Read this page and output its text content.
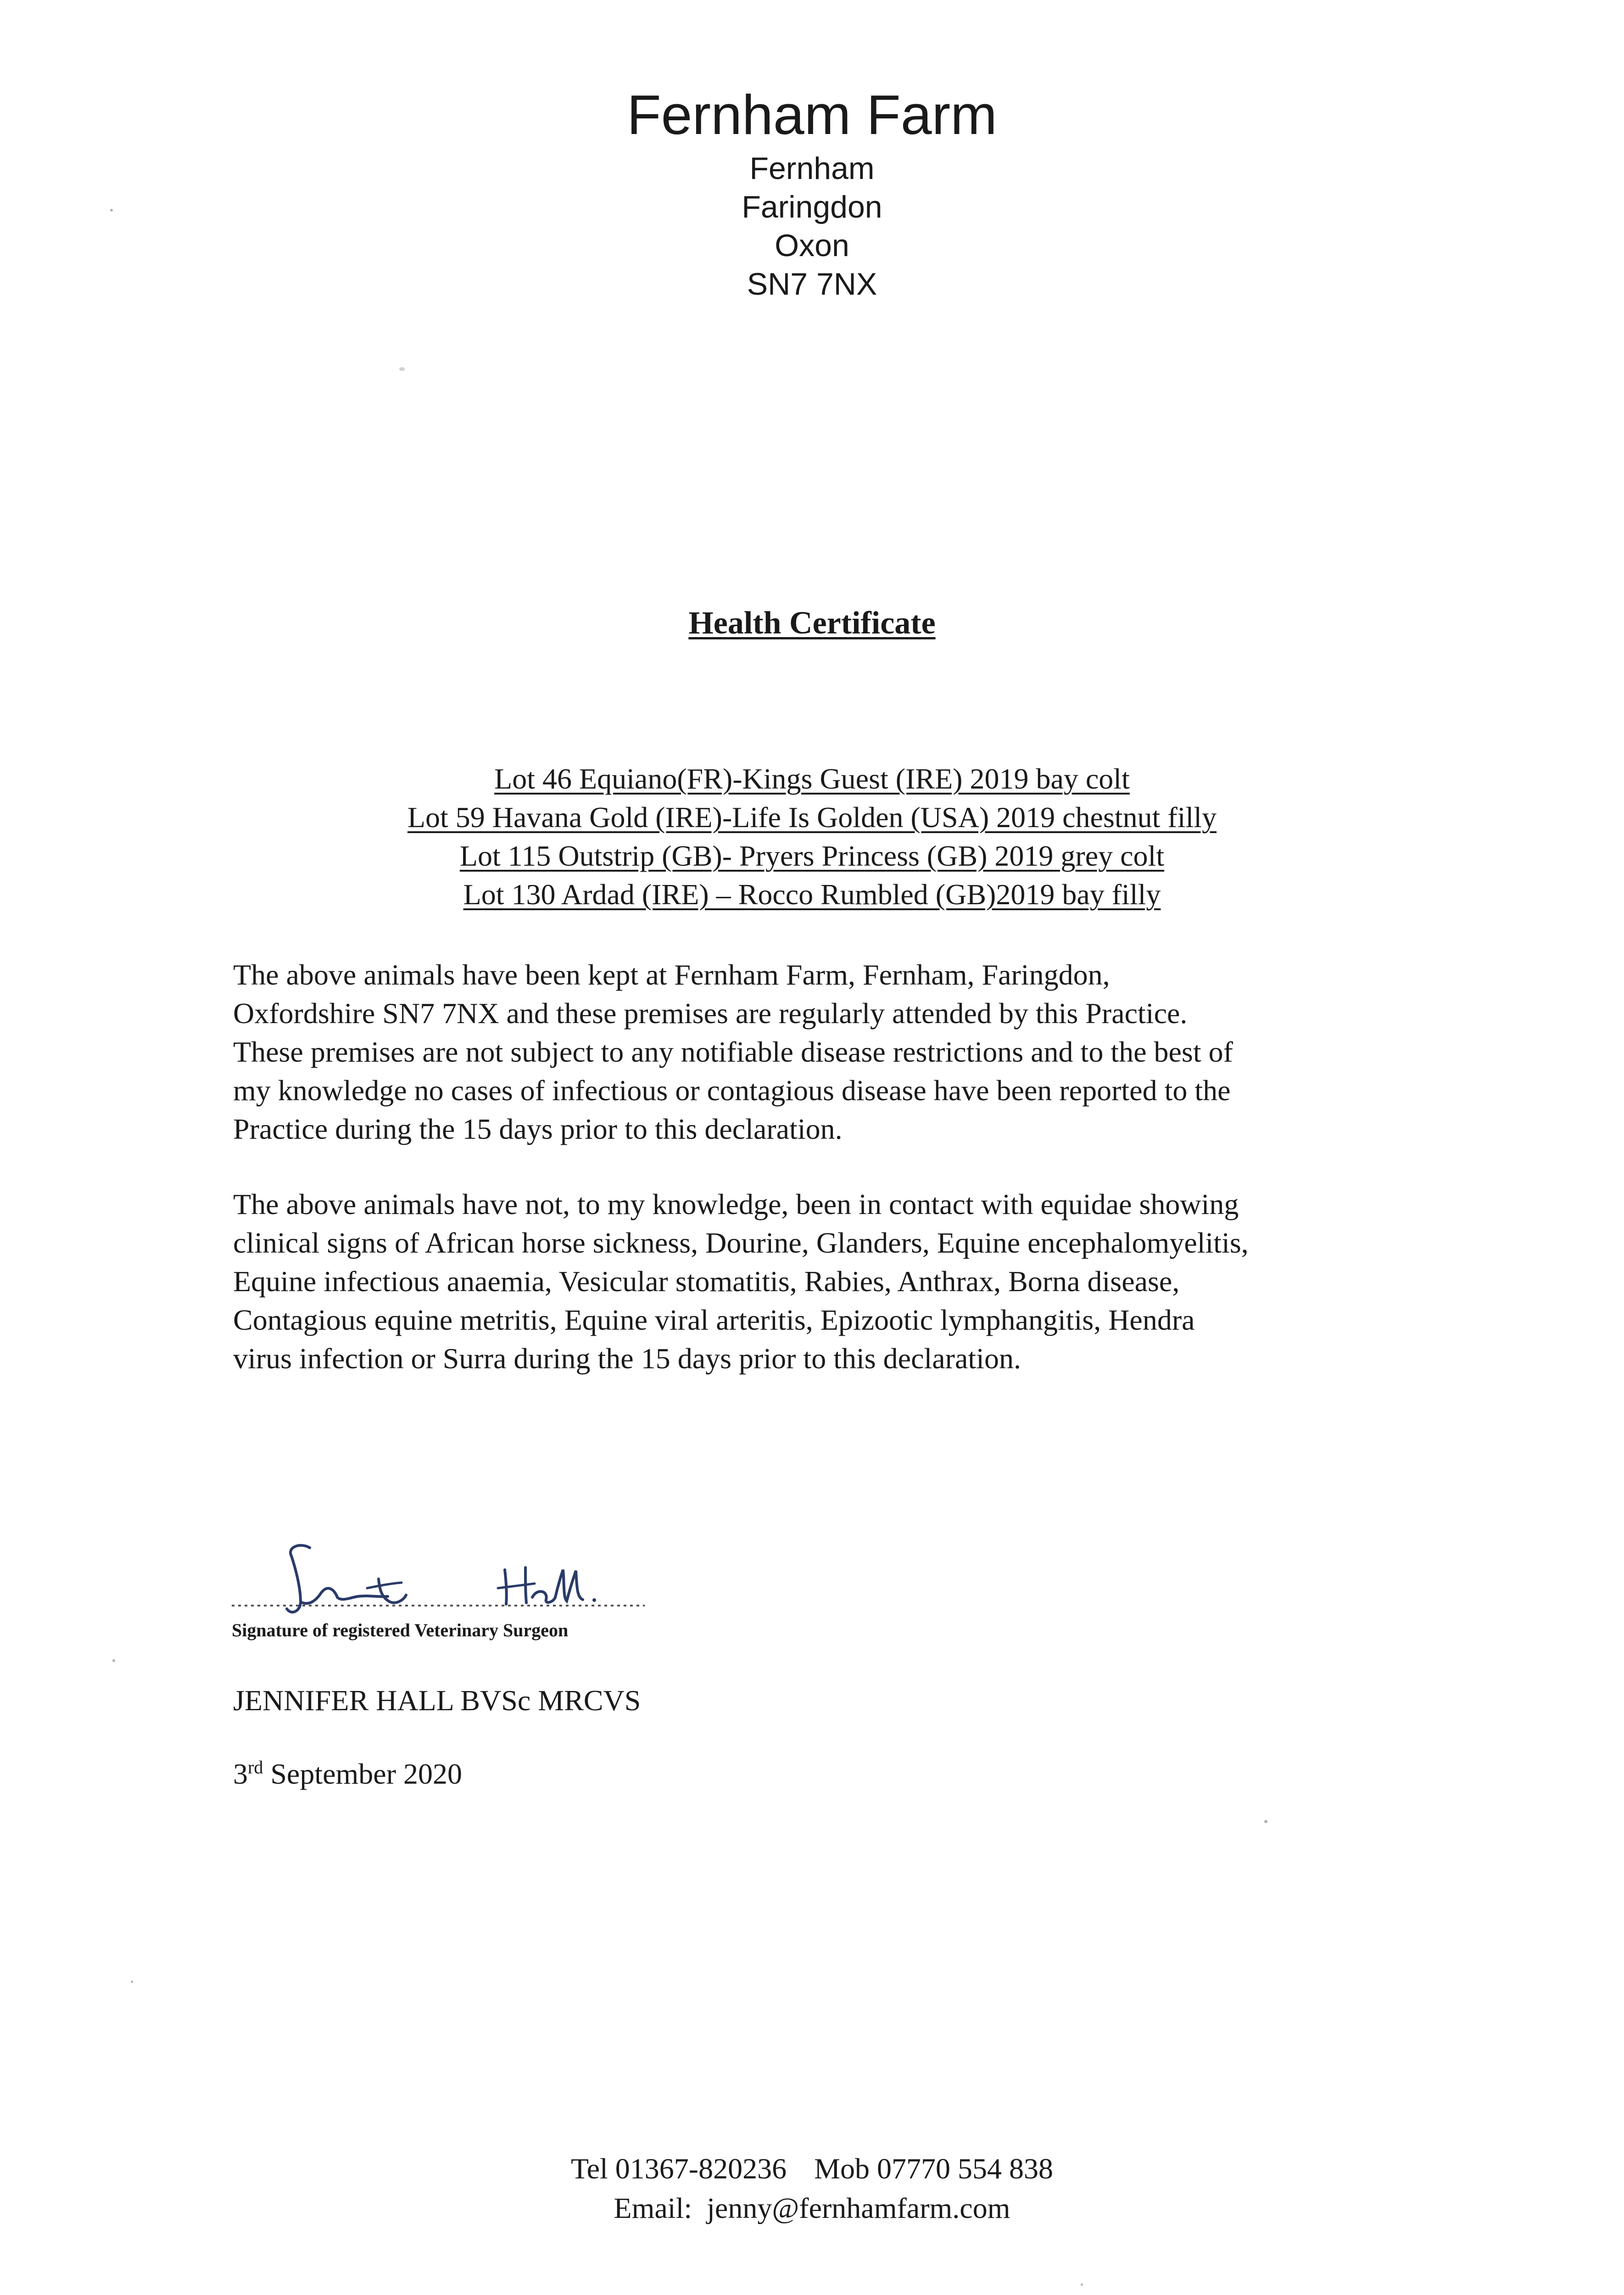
Fernham Farm
Fernham
Faringdon
Oxon
SN7 7NX
Health Certificate
Lot 46 Equiano(FR)-Kings Guest (IRE) 2019 bay colt
Lot 59 Havana Gold (IRE)-Life Is Golden (USA) 2019 chestnut filly
Lot 115 Outstrip (GB)- Pryers Princess (GB) 2019 grey colt
Lot 130 Ardad (IRE) – Rocco Rumbled (GB)2019 bay filly

The above animals have been kept at Fernham Farm, Fernham, Faringdon,
Oxfordshire SN7 7NX and these premises are regularly attended by this Practice.
These premises are not subject to any notifiable disease restrictions and to the best of
my knowledge no cases of infectious or contagious disease have been reported to the
Practice during the 15 days prior to this declaration.

The above animals have not, to my knowledge, been in contact with equidae showing
clinical signs of African horse sickness, Dourine, Glanders, Equine encephalomyelitis,
Equine infectious anaemia, Vesicular stomatitis, Rabies, Anthrax, Borna disease,
Contagious equine metritis, Equine viral arteritis, Epizootic lymphangitis, Hendra
virus infection or Surra during the 15 days prior to this declaration.

Signature of registered Veterinary Surgeon
JENNIFER HALL BVSc MRCVS
3rd September 2020
Tel 01367-820236 Mob 07770 554 838
Email: jenny@fernhamfarm.com
